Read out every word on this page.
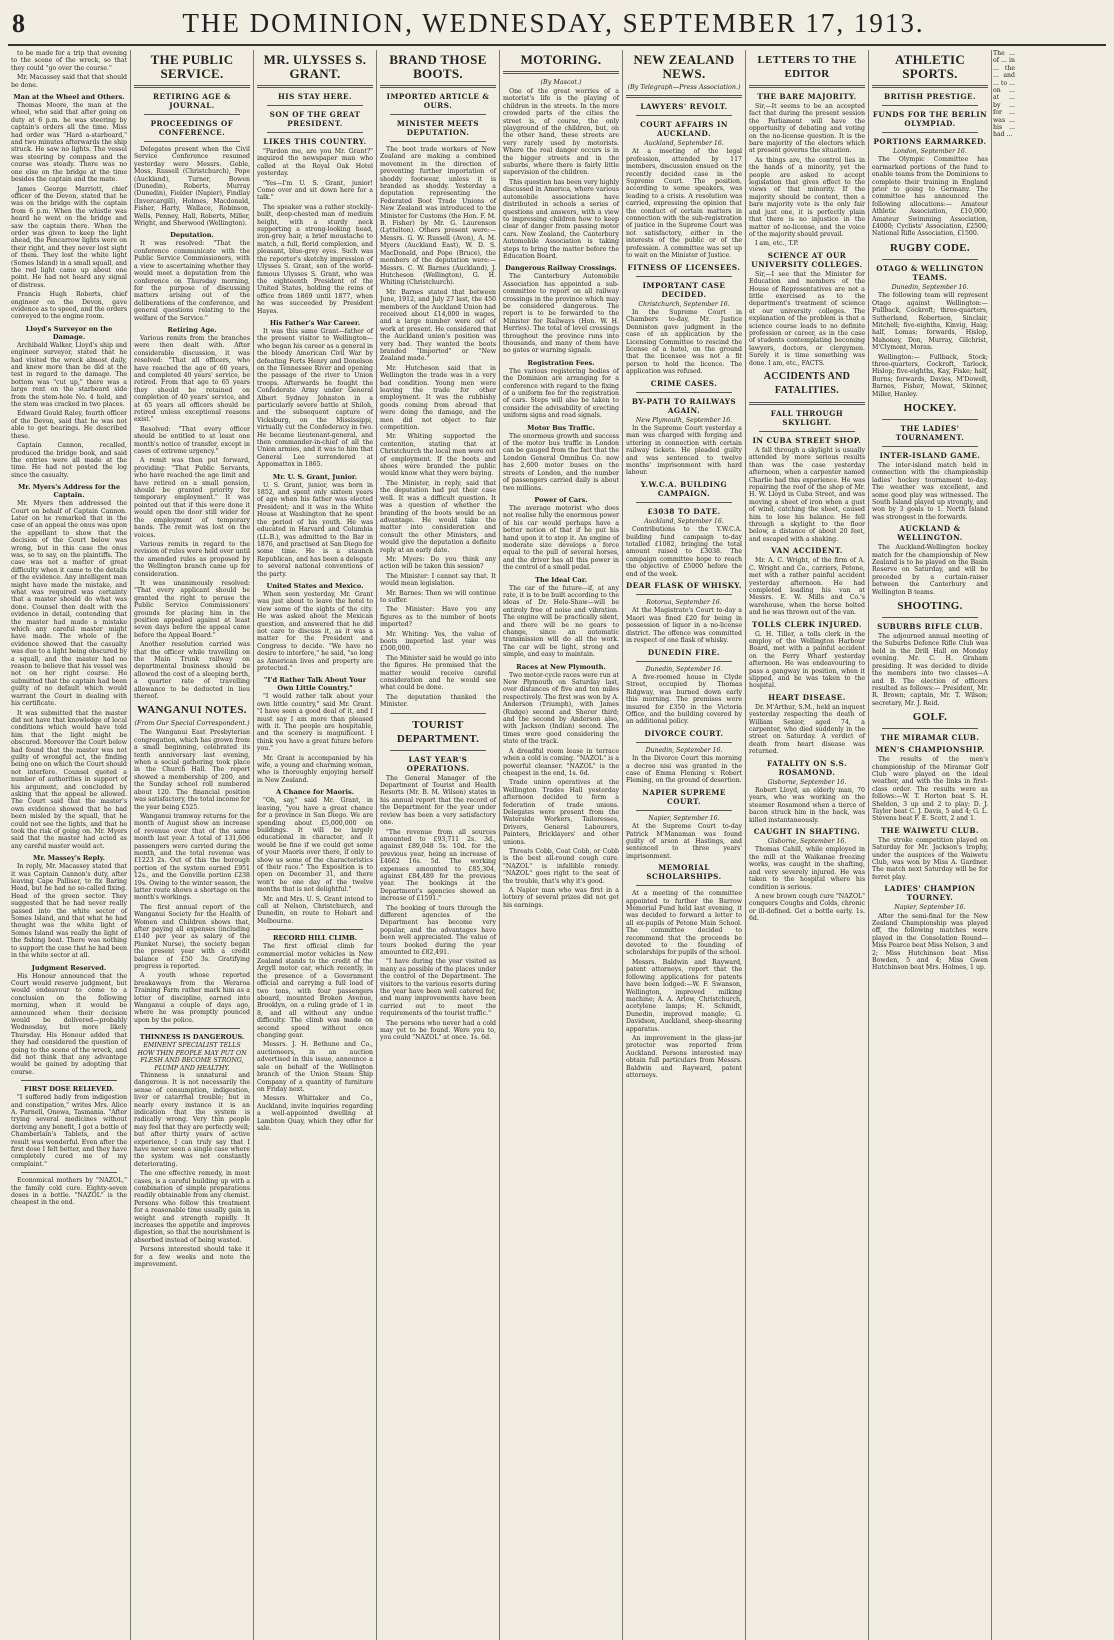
8	THE DOMINION, WEDNESDAY, SEPTEMBER 17, 1913.

to be made for a trip that evening to the scene of the wreck, so that they could "go over the course."

Mr. Macassey said that that should be done.

Man at the Wheel and Others.

Thomas Moore, the man at the wheel, who said that after going on duty at 6 p.m. he was steering by captain's orders all the time. Miss had order was "Hard a-starboard," and two minutes afterwards the ship struck. He saw no lights. The vessel was steering by compass and the course was steady. There was no one else on the bridge at the time besides the captain and the mate.

James George Marriott, chief officer of the Devon, stated that he was on the bridge with the captain from 6 p.m. When the whistle was heard he went on the bridge and saw the captain there. When the order was given to keep the light ahead, the Pencarrow lights were on their right, and they never lost sight of them. They lost the white light (Somes Island) in a small squall, and the red light came up about one point. He had not heard any signal of distress.

Francis Hugh Roberts, chief engineer on the Devon, gave evidence as to speed, and the orders conveyed to the engine room.

Lloyd's Surveyor on the Damage.

Archibald Walker, Lloyd's ship and engineer surveyor, stated that he had visited the wreck almost daily, and knew more than he did at the test in regard to the damage. The bottom was "cut up," there was a large rent on the starboard side from the stem-hole No. 4 hold, and the stem was cracked in two places.

Edward Gould Raley, fourth officer of the Devon, said that he was not able to get bearings. He described these.

Captain Cannon, recalled, produced the bridge book, and said the entries were all made at the time. He had not posted the log since the casualty.

Mr. Myers's Address for the Captain.

Mr. Myers then addressed the Court on behalf of Captain Cannon. Later on he remarked that in the case of an appeal the onus was upon the appellant to show that the decision of the Court below was wrong, but in this case the onus was, so to say, on the plaintiffs. The case was not a matter of great difficulty when it came to the details of the evidence. Any intelligent man might have made the mistake, and what was required was certainty that a master should do what was done. Counsel then dealt with the evidence in detail, contending that the master had made a mistake which any careful master might have made. The whole of the evidence showed that the casualty was due to a light being obscured by a squall, and the master had no reason to believe that his vessel was not on her right course. He submitted that the captain had been guilty of no default which would warrant the Court in dealing with his certificate.

It was submitted that the master did not have that knowledge of local conditions which would have told him that the light might be obscured. Moreover the Court below had found that the master was not guilty of wrongful act, the finding being one on which the Court should not interfere. Counsel quoted a number of authorities in support of his argument, and concluded by asking that the appeal be allowed. The Court said that the master's own evidence showed that he had been misled by the squall, that he could not see the lights, and that he took the risk of going on. Mr. Myers said that the master had acted as any careful master would act.

Mr. Massey's Reply.

In reply, Mr. Macassey stated that it was Captain Cannon's duty, after leaving Cape Palliser, to fix Baring Head, but he had no so-called fixing. Head of the green sector. They suggested that he had never really passed into the white sector of Somes Island, and that what he had thought was the white light of Somes Island was really the light of the fishing boat. There was nothing to support the case that he had been in the white sector at all.

Judgment Reserved.

His Honour announced that the Court would reserve judgment, but would endeavour to come to a conclusion on the following morning, when it would be announced when their decision would be delivered—probably Wednesday, but more likely Thursday. His Honour added that they had considered the question of going to the scene of the wreck, and did not think that any advantage would be gained by adopting that course.

FIRST DOSE RELIEVED.

"I suffered badly from indigestion and constipation," writes Mrs. Alice A. Parnell, Onewa, Tasmania. "After trying several medicines without deriving any benefit, I got a bottle of Chamberlain's Tablets, and the result was wonderful. Even after the first dose I felt better, and they have completely cured me of my complaint."

Economical mothers by "NAZOL," the family cold cure. Eighty-seven doses in a bottle. "NAZOL" is the cheapest in the end.

THE PUBLIC SERVICE.
RETIRING AGE & JOURNAL.
PROCEEDINGS OF CONFERENCE.

Delegates present when the Civil Service Conference resumed yesterday were Messrs. Goble, Moss, Russell (Christchurch), Pope (Auckland), Turner, Bowen (Dunedin), Roberts, Murray (Dunedin), Fielder (Napier), Findlay (Invercargill), Holmes, Macdonald, Fisher, Harty, Wallace, Robinson, Wells, Penney, Hall, Roberts, Miller, Wright, and Sherwood (Wellington).

Deputation.

It was resolved: "That the conference communicate with the Public Service Commissioners, with a view to ascertaining whether they would meet a deputation from the conference on Thursday morning, for the purpose of discussing matters arising out of the deliberations of the conference, and general questions relating to the welfare of the Service."

Retiring Age.

Various remits from the branches were then dealt with. After considerable discussion, it was resolved: "That all officers, who have reached the age of 60 years, and completed 40 years' service, be retired. From that age to 65 years they should be retained on completion of 40 years' service, and at 65 years all officers should be retired unless exceptional reasons exist."

Resolved: "That every officer should be entitled to at least one month's notice of transfer, except in cases of extreme urgency."

A remit was then put forward, providing: "That Public Servants, who have reached the age limit and have retired on a small pension, should be granted priority for temporary employment." It was pointed out that if this were done it would open the door still wider for the employment of temporary hands. The remit was lost on the voices.

Various remits in regard to the revision of rules were held over until the amended rules as proposed by the Wellington branch came up for consideration.

It was unanimously resolved: "That every applicant should be granted the right to peruse the Public Service Commissioners' grounds for placing him in the position appealed against at least seven days before the appeal came before the Appeal Board."

Another resolution carried was that the officer while travelling on the Main Trunk railway on departmental business should be allowed the cost of a sleeping berth, a quarter rate of travelling allowance to be deducted in lieu thereof.

WANGANUI NOTES.
(From Our Special Correspondent.)

The Wanganui East Presbyterian congregation, which has grown from a small beginning, celebrated its tenth anniversary last evening, when a social gathering took place in the Church Hall. The report showed a membership of 200, and the Sunday school roll numbered about 120. The financial position was satisfactory, the total income for the year being £525.

Wanganui tramway returns for the month of August show an increase of revenue over that of the same month last year. A total of 131,606 passengers were carried during the month, and the total revenue was £1223 2s. Out of this the borough portion of the system earned £951 12s., and the Gonville portion £238 19s. Owing to the winter season, the latter route shows a shortage on the month's workings.

The first annual report of the Wanganui Society for the Health of Women and Children shows that, after paying all expenses (including £140 per year as salary of the Plunket Nurse), the society began the present year with a credit balance of £50 3s. Gratifying progress is reported.

A youth whose reported breakaways from the Weraroa Training Farm rather mark him as a letter of discipline, earned into Wanganui a couple of days ago, where he was promptly pounced upon by the police.

THINNESS IS DANGEROUS.
EMINENT SPECIALIST TELLS HOW THIN PEOPLE MAY PUT ON FLESH AND BECOME STRONG, PLUMP AND HEALTHY.

Thinness is unnatural and dangerous. It is not necessarily the sense of consumption, indigestion, liver or catarrhal trouble; but in nearly every instance it is an indication that the system is radically wrong. Very thin people may feel that they are perfectly well; but after thirty years of active experience, I can truly say that I have never seen a single case where the system was not constantly deteriorating.

The one effective remedy, in most cases, is a careful building up with a combination of simple preparations readily obtainable from any chemist. Persons who follow this treatment for a reasonable time usually gain in weight and strength rapidly. It increases the appetite and improves digestion, so that the nourishment is absorbed instead of being wasted.

Persons interested should take it for a few weeks and note the improvement.

MR. ULYSSES S. GRANT.
HIS STAY HERE.
SON OF THE GREAT PRESIDENT.
LIKES THIS COUNTRY.

"Pardon me, are you Mr. Grant?" inquired the newspaper man who called at the Royal Oak Hotel yesterday.

"Yes—I'm U. S. Grant, junior! Come over and sit down here for a talk."

The speaker was a rather stockily-built, deep-chested man of medium height, with a sturdy neck supporting a strong-looking head, iron-grey hair, a brief moustache to match, a full, florid complexion, and pleasant, blue-grey eyes. Such was the reporter's sketchy impression of Ulysses S. Grant, son of the world-famous Ulysses S. Grant, who was the eighteenth President of the United States, holding the reins of office from 1869 until 1877, when he was succeeded by President Hayes.

His Father's War Career.

It was this same Grant—father of the present visitor to Wellington—who began his career as a general in the bloody American Civil War by defeating Forts Henry and Donelson on the Tennessee River and opening the passage of the river to Union troops. Afterwards he fought the Confederate Army under General Albert Sydney Johnston in a particularly severe battle at Shiloh, and the subsequent capture of Vicksburg, on the Mississippi, virtually cut the Confederacy in two. He became lieutenant-general, and then commander-in-chief of all the Union armies, and it was to him that General Lee surrendered at Appomattox in 1865.

Mr. U. S. Grant, Junior.

U. S. Grant, junior, was born in 1852, and spent only sixteen years of age when his father was elected President; and it was in the White House at Washington that he spent the period of his youth. He was educated in Harvard and Columbia (LL.B.), was admitted to the Bar in 1876, and practised at San Diego for some time. He is a staunch Republican, and has been a delegate to several national conventions of the party.

United States and Mexico.

When seen yesterday, Mr. Grant was just about to leave the hotel to view some of the sights of the city. He was asked about the Mexican question, and answered that he did not care to discuss it, as it was a matter for the President and Congress to decide. "We have no desire to interfere," he said, "so long as American lives and property are protected."

"I'd Rather Talk About Your Own Little Country."

"I would rather talk about your own little country," said Mr. Grant. "I have seen a good deal of it, and I must say I am more than pleased with it. The people are hospitable, and the scenery is magnificent. I think you have a great future before you."

Mr. Grant is accompanied by his wife, a young and charming woman, who is thoroughly enjoying herself in New Zealand.

A Chance for Maoris.

"Oh, say," said Mr. Grant, in leaving, "you have a great chance for a province in San Diego. We are spending about £5,000,000 on buildings. It will be largely educational in character, and it would be fine if we could get some of your Maoris over there, if only to show us some of the characteristics of their race." The Exposition is to open on December 31, and there won't be one day of the twelve months that is not delightful."

Mr. and Mrs. U. S. Grant intend to call at Nelson, Christchurch, and Dunedin, en route to Hobart and Melbourne.

RECORD HILL CLIMB.

The first official climb for commercial motor vehicles in New Zealand stands to the credit of the Argyll motor car, which recently, in the presence of a Government official and carrying a full load of two tons, with four passengers aboard, mounted Broken Avenue, Brooklyn, on a ruling grade of 1 in 8, and all without any undue difficulty. The climb was made on second speed without once changing gear.

Messrs. J. H. Bethune and Co., auctioneers, in an auction advertised in this issue, announce a sale on behalf of the Wellington branch of the Union Steam Ship Company of a quantity of furniture on Friday next.

Messrs. Whittaker and Co., Auckland, invite inquiries regarding a well-appointed dwelling at Lambton Quay, which they offer for sale.

BRAND THOSE BOOTS.
IMPORTED ARTICLE & OURS.
MINISTER MEETS DEPUTATION.

The boot trade workers of New Zealand are making a combined movement in the direction of preventing further importation of shoddy footwear, unless it is branded as shoddy. Yesterday a deputation representing the Federated Boot Trade Unions of New Zealand was introduced to the Minister for Customs (the Hon. F. M. B. Fisher) by Mr. G. Laurenson (Lyttelton). Others present were:—Messrs. G. W. Russell (Avon), A. M. Myers (Auckland East), W. D. S. MacDonald, and Pope (Bruce), the members of the deputation were:—Messrs. C. W. Barnes (Auckland), J. Hutcheson (Wellington), G. H. Whiting (Christchurch).

Mr. Barnes stated that between June, 1912, and July 27 last, the 450 members of the Auckland Union had received about £14,000 in wages, and a large number were out of work at present. He considered that the Auckland union's position was very bad. They wanted the boots branded "Imported" or "New Zealand made."

Mr. Hutcheson said that in Wellington the trade was in a very bad condition. Young men were leaving the trade for other employment. It was the rubbishy goods coming from abroad that were doing the damage, and the men did not object to fair competition.

Mr. Whiting supported the contention, stating that at Christchurch the local men were out of employment. If the boots and shoes were branded the public would know what they were buying.

The Minister, in reply, said that the deputation had put their case well. It was a difficult question. It was a question of whether the branding of the boots would be an advantage. He would take the matter into consideration and consult the other Ministers, and would give the deputation a definite reply at an early date.

Mr. Myers: Do you think any action will be taken this session?

The Minister: I cannot say that. It would mean legislation.

Mr. Barnes: Then we will continue to suffer.

The Minister: Have you any figures as to the number of boots imported?

Mr. Whiting: Yes, the value of boots imported last year was £500,000.

The Minister said he would go into the figures. He promised that the matter would receive careful consideration and he would see what could be done.

The deputation thanked the Minister.

TOURIST DEPARTMENT.
LAST YEAR'S OPERATIONS.

The General Manager of the Department of Tourist and Health Resorts (Mr. B. M. Wilson) states in his annual report that the record of the Department for the year under review has been a very satisfactory one.

"The revenue from all sources amounted to £93,711 2s. 3d., against £89,048 5s. 10d. for the previous year, being an increase of £4662 16s. 5d. The working expenses amounted to £85,304, against £84,489 for the previous year. The bookings at the Department's agencies showed an increase of £1591."

The booking of tours through the different agencies of the Department has become very popular, and the advantages have been well appreciated. The value of tours booked during the year amounted to £82,491.

"I have during the year visited as many as possible of the places under the control of the Department. The visitors to the various resorts during the year have been well catered for, and many improvements have been carried out to meet the requirements of the tourist traffic."

The persons who never had a cold may yet to be found. Were you to, you could "NAZOL" at once. 1s. 6d.

MOTORING.
(By Mascot.)

One of the great worries of a motorist's life is the playing of children in the streets. In the more crowded parts of the cities the street is, of course, the only playground of the children, but, on the other hand, these streets are very rarely used by motorists. Where the real danger occurs is in the bigger streets and in the suburbs, where there is fairly little supervision of the children.

This question has been very highly discussed in America, where various automobile associations have distributed in schools a series of questions and answers, with a view to impressing children how to keep clear of danger from passing motor cars. New Zealand, the Canterbury Automobile Association is taking steps to bring the matter before the Education Board.

Dangerous Railway Crossings.

The Canterbury Automobile Association has appointed a sub-committee to report on all railway crossings in the province which may be considered dangerous. The report is to be forwarded to the Minister for Railways (Hon. W. H. Herries). The total of level crossings throughout the province runs into thousands, and many of them have no gates or warning signals.

Registration Fees.

The various registering bodies of the Dominion are arranging for a conference with regard to the fixing of a uniform fee for the registration of cars. Steps will also be taken to consider the advisability of erecting uniform signs and road signals.

Motor Bus Traffic.

The enormous growth and success of the motor bus traffic in London can be gauged from the fact that the London General Omnibus Co. now has 2,600 motor buses on the streets of London, and the number of passengers carried daily is about two millions.

Power of Cars.

The average motorist who does not realise fully the enormous power of his car would perhaps have a better notion of that if he put his hand upon it to stop it. An engine of moderate size develops a force equal to the pull of several horses, and the driver has all this power in the control of a small pedal.

The Ideal Car.

The car of the future—if, at any rate, it is to be built according to the ideas of Dr. Hele-Shaw—will be entirely free of noise and vibration. The engine will be practically silent, and there will be no gears to change, since an automatic transmission will do all the work. The car will be light, strong and simple, and easy to maintain.

Races at New Plymouth.

Two motor-cycle races were run at New Plymouth on Saturday last, over distances of five and ten miles respectively. The first was won by A. Anderson (Triumph), with James (Rudge) second and Sherer third; and the second by Anderson also, with Jackson (Indian) second. The times were good considering the state of the track.

A dreadful room lease in terrace when a cold is coming. "NAZOL" is a powerful cleanser. "NAZOL" is the cheapest in the end, 1s. 6d.

Trade union operatives at the Wellington Trades Hall yesterday afternoon decided to form a federation of trade unions. Delegates were present from the Waterside Workers, Tailoresses, Drivers, General Labourers, Painters, Bricklayers' and other unions.

Threats Cobb, Coat Cobb, or Cobb is the best all-round cough cure. "NAZOL" is infallible remedy. "NAZOL" goes right to the seat of the trouble, that's why it's good.

A Napier man who was first in a lottery of several prizes did not get his earnings.

NEW ZEALAND NEWS.
(By Telegraph—Press Association.)
LAWYERS' REVOLT.
COURT AFFAIRS IN AUCKLAND.
Auckland, September 16.

At a meeting of the legal profession, attended by 117 members, discussion ensued on the recently decided case in the Supreme Court. The position, according to some speakers, was leading to a crisis. A resolution was carried, expressing the opinion that the conduct of certain matters in connection with the sub-registration of justice in the Supreme Court was not satisfactory, either in the interests of the public or of the profession. A committee was set up to wait on the Minister of Justice.

FITNESS OF LICENSEES.
IMPORTANT CASE DECIDED.
Christchurch, September 16.

In the Supreme Court in Chambers to-day, Mr. Justice Denniston gave judgment in the case of an application by the Licensing Committee to rescind the license of a hotel, on the ground that the licensee was not a fit person to hold the licence. The application was refused.

CRIME CASES.
BY-PATH TO RAILWAYS AGAIN.
New Plymouth, September 16.

In the Supreme Court yesterday a man was charged with forging and uttering in connection with certain railway tickets. He pleaded guilty and was sentenced to twelve months' imprisonment with hard labour.

Y.W.C.A. BUILDING CAMPAIGN.
£3038 TO DATE.
Auckland, September 16.

Contributions to the Y.W.C.A. building fund campaign to-day totalled £1082, bringing the total amount raised to £3038. The campaign committee hope to reach the objective of £5000 before the end of the week.

DEAR FLASK OF WHISKY.
Rotorua, September 16.

At the Magistrate's Court to-day a Maori was fined £20 for being in possession of liquor in a no-license district. The offence was committed in respect of one flask of whisky.

DUNEDIN FIRE.
Dunedin, September 16.

A five-roomed house in Clyde Street, occupied by Thomas Ridgway, was burned down early this morning. The premises were insured for £350 in the Victoria Office, and the building covered by an additional policy.

DIVORCE COURT.
Dunedin, September 16.

In the Divorce Court this morning a decree nisi was granted in the case of Emma Fleming v. Robert Fleming, on the ground of desertion.

NAPIER SUPREME COURT.
Napier, September 16.

At the Supreme Court to-day Patrick M'Manaman was found guilty of arson at Hastings, and sentenced to three years' imprisonment.

MEMORIAL SCHOLARSHIPS.

At a meeting of the committee appointed to further the Barrow Memorial Fund held last evening, it was decided to forward a letter to all ex-pupils of Petone Main School. The committee decided to recommend that the proceeds be devoted to the founding of scholarships for pupils of the school.

Messrs. Baldwin and Rayward, patent attorneys, report that the following applications for patents have been lodged:—W. F. Swanson, Wellington, improved milking machine; A. A. Arlow, Christchurch, acetylene lamps; H. Schmidt, Dunedin, improved mangle; G. Davidson, Auckland, sheep-shearing apparatus.

An improvement in the glass-jar protector was reported from Auckland. Persons interested may obtain full particulars from Messrs. Baldwin and Rayward, patent attorneys.

LETTERS TO THE EDITOR
THE BARE MAJORITY.

Sir,—It seems to be an accepted fact that during the present session the Parliament will have the opportunity of debating and voting on the no-license question. It is the bare majority of the electors which at present governs the situation.

As things are, the control lies in the hands of a minority, yet the people are asked to accept legislation that gives effect to the views of that minority. If the majority should be content, then a bare majority vote is the only fair and just one, it is perfectly plain that there is no injustice in the matter of no-license, and the voice of the majority should prevail.

I am, etc., T.P.

SCIENCE AT OUR UNIVERSITY COLLEGES.

Sir,—I see that the Minister for Education and members of the House of Representatives are not a little exercised as to the department's treatment of science at our university colleges. The explanation of the problem is that a science course leads to no definite profession or career, as in the case of students contemplating becoming lawyers, doctors, or clergymen. Surely it is time something was done. I am, etc., FACTS.

ACCIDENTS AND FATALITIES.
FALL THROUGH SKYLIGHT.
IN CUBA STREET SHOP.

A fall through a skylight is usually attended by more serious results than was the case yesterday afternoon, when a carpenter named Charlie had this experience. He was repairing the roof of the shop of Mr. H. W. Lloyd in Cuba Street, and was moving a sheet of iron when a gust of wind, catching the sheet, caused him to lose his balance. He fell through a skylight to the floor below, a distance of about 20 feet, and escaped with a shaking.

VAN ACCIDENT.

Mr. A. C. Wright, of the firm of A. C. Wright and Co., carriers, Petone, met with a rather painful accident yesterday afternoon. He had completed loading his van at Messrs. E. W. Mills and Co.'s warehouse, when the horse bolted and he was thrown out of the van.

TOLLS CLERK INJURED.

G. H. Tiller, a tolls clerk in the employ of the Wellington Harbour Board, met with a painful accident on the Ferry Wharf yesterday afternoon. He was endeavouring to pass a gangway in position, when it slipped, and he was taken to the hospital.

HEART DISEASE.

Dr. M'Arthur, S.M., held an inquest yesterday respecting the death of William Senior, aged 74, a carpenter, who died suddenly in the street on Saturday. A verdict of death from heart disease was returned.

FATALITY ON S.S. ROSAMOND.
Gisborne, September 16.

Robert Lloyd, an elderly man, 70 years, who was working on the steamer Rosamond when a tierce of bacon struck him in the back, was killed instantaneously.

CAUGHT IN SHAFTING.
Gisborne, September 16.

Thomas Cahill, while employed in the mill at the Waikanae freezing works, was caught in the shafting, and very severely injured. He was taken to the hospital where his condition is serious.

A new brown cough cure "NAZOL" conquers Coughs and Colds, chronic or ill-defined. Get a bottle early. 1s. 6d.

ATHLETIC SPORTS.
BRITISH PRESTIGE.
FUNDS FOR THE BERLIN OLYMPIAD.
PORTIONS EARMARKED.
London, September 16.

The Olympic Committee has earmarked portions of the fund to enable teams from the Dominions to complete their training in England prior to going to Germany. The committee has announced the following allocations:— Amateur Athletic Association, £10,000; Amateur Swimming Association, £4000; Cyclists' Association, £2500; National Rifle Association, £1500.

RUGBY CODE.
OTAGO & WELLINGTON TEAMS.
Dunedin, September 16.

The following team will represent Otago against Wellington:— Fullback, Cockroft; three-quarters, Sutherland, Robertson, Sinclair, Mitchell; five-eighths, Kinvig, Haig; half, Lomas; forwards, Hislop, Mahoney, Don, Murray, Gilchrist, M'Clymont, Moran.

Wellington:— Fullback, Stock; three-quarters, Cockroft, Tarlock, Hislop; five-eighths, Kay, Fiske; half, Burns; forwards, Davies, M'Dowell, Barnes, Fisher, Mowat, Skinner, Miller, Hanley.

HOCKEY.
THE LADIES' TOURNAMENT.
INTER-ISLAND GAME.

The inter-island match held in connection with the championship ladies' hockey tournament to-day. The weather was excellent, and some good play was witnessed. The South Island played up strongly, and won by 3 goals to 1. North Island was strongest in the forwards.

AUCKLAND & WELLINGTON.

The Auckland-Wellington hockey match for the championship of New Zealand is to be played on the Basin Reserve on Saturday, and will be preceded by a curtain-raiser between the Canterbury and Wellington B teams.

SHOOTING.
SUBURBS RIFLE CLUB.

The adjourned annual meeting of the Suburbs Defence Rifle Club was held in the Drill Hall on Monday evening. Mr. C. H. Graham presiding. It was decided to divide the members into two classes—A and B. The election of officers resulted as follows:— President, Mr. R. Brown; captain, Mr. T. Wilson; secretary, Mr. J. Reid.

GOLF.
THE MIRAMAR CLUB.
MEN'S CHAMPIONSHIP.

The results of the men's championship of the Miramar Golf Club were played on the ideal weather, and with the links in first-class order. The results were as follows:—W. T. Horton beat S. H. Sheldon, 3 up and 2 to play; D. J. Taylor beat C. J. Davis, 5 and 4; G. L. Stevens beat F. E. Scott, 2 and 1.

THE WAIWETU CLUB.

The stroke competition played on Saturday for Mr. Jackson's trophy, under the auspices of the Waiwetu Club, was won by Miss A. Gardner. The match next Saturday will be for ferret play.

LADIES' CHAMPION TOURNEY.
Napier, September 16.

After the semi-final for the New Zealand Championship was played off, the following matches were played in the Consolation Round—Miss Pearce beat Miss Nelson, 3 and 2; Miss Hutchinson beat Miss Bowden, 5 and 4; Miss Gwen Hutchinson beat Mrs. Holmes, 1 up.

The ... of ... in ... the ... and ... to ... on ... at ... by ... for ... was ... his ... had ...
